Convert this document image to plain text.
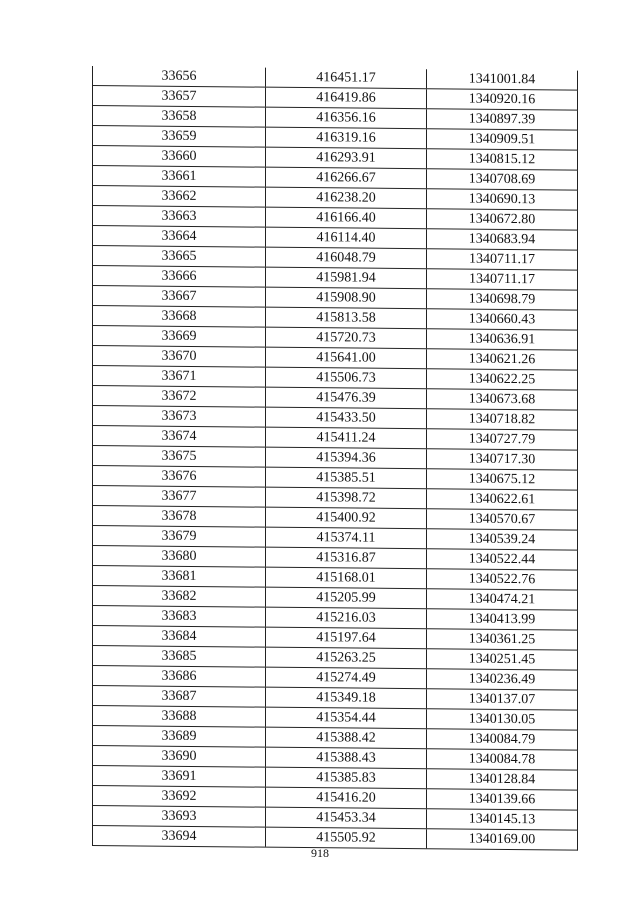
33656	416451.17	1341001.84
33657	416419.86	1340920.16
33658	416356.16	1340897.39
33659	416319.16	1340909.51
33660	416293.91	1340815.12
33661	416266.67	1340708.69
33662	416238.20	1340690.13
33663	416166.40	1340672.80
33664	416114.40	1340683.94
33665	416048.79	1340711.17
33666	415981.94	1340711.17
33667	415908.90	1340698.79
33668	415813.58	1340660.43
33669	415720.73	1340636.91
33670	415641.00	1340621.26
33671	415506.73	1340622.25
33672	415476.39	1340673.68
33673	415433.50	1340718.82
33674	415411.24	1340727.79
33675	415394.36	1340717.30
33676	415385.51	1340675.12
33677	415398.72	1340622.61
33678	415400.92	1340570.67
33679	415374.11	1340539.24
33680	415316.87	1340522.44
33681	415168.01	1340522.76
33682	415205.99	1340474.21
33683	415216.03	1340413.99
33684	415197.64	1340361.25
33685	415263.25	1340251.45
33686	415274.49	1340236.49
33687	415349.18	1340137.07
33688	415354.44	1340130.05
33689	415388.42	1340084.79
33690	415388.43	1340084.78
33691	415385.83	1340128.84
33692	415416.20	1340139.66
33693	415453.34	1340145.13
33694	415505.92	1340169.00
918
